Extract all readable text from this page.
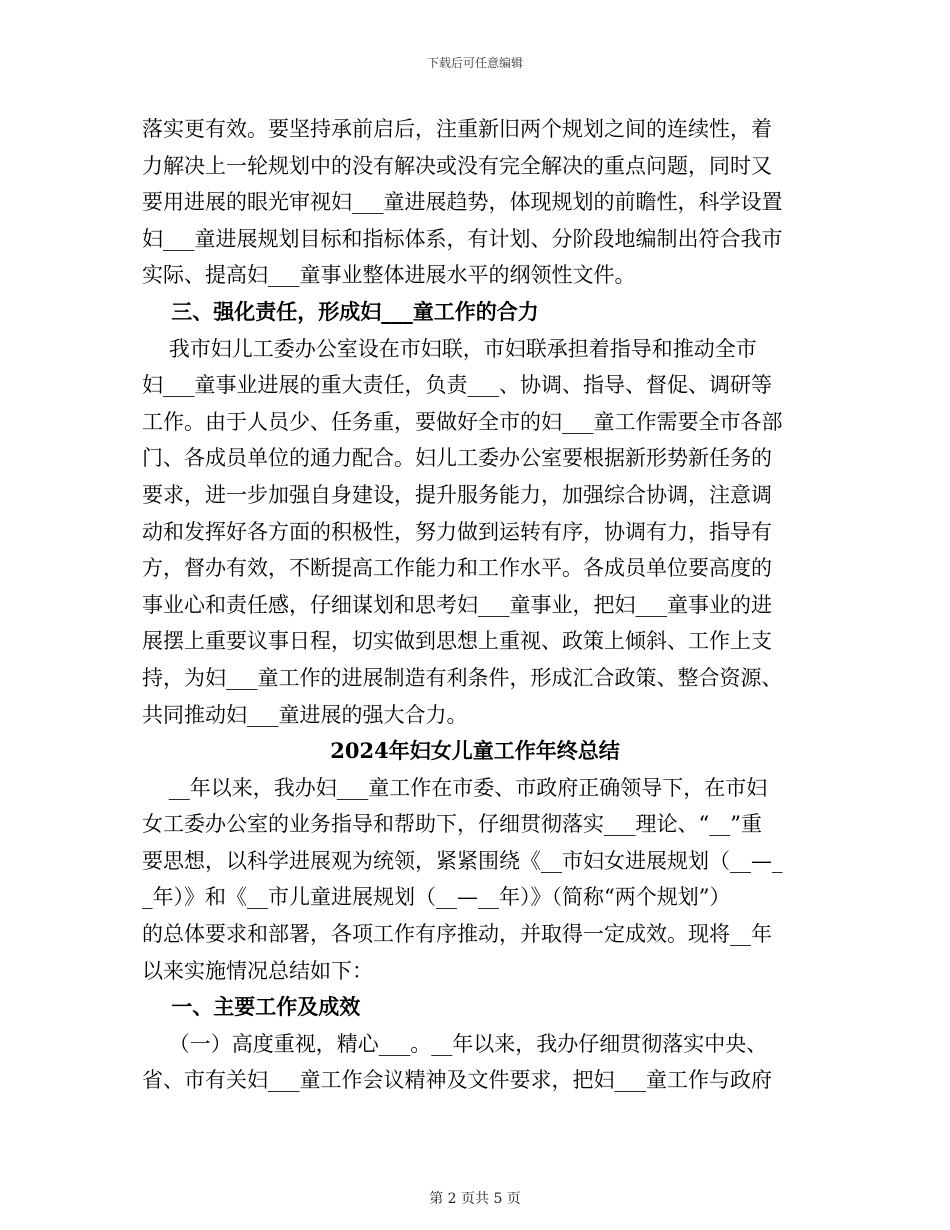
下载后可任意编辑
落实更有效。要坚持承前启后，注重新旧两个规划之间的连续性，着
力解决上一轮规划中的没有解决或没有完全解决的重点问题，同时又
要用进展的眼光审视妇___童进展趋势，体现规划的前瞻性，科学设置
妇___童进展规划目标和指标体系，有计划、分阶段地编制出符合我市
实际、提高妇___童事业整体进展水平的纲领性文件。
三、强化责任，形成妇___童工作的合力
我市妇儿工委办公室设在市妇联，市妇联承担着指导和推动全市
妇___童事业进展的重大责任，负责___、协调、指导、督促、调研等
工作。由于人员少、任务重，要做好全市的妇___童工作需要全市各部
门、各成员单位的通力配合。妇儿工委办公室要根据新形势新任务的
要求，进一步加强自身建设，提升服务能力，加强综合协调，注意调
动和发挥好各方面的积极性，努力做到运转有序，协调有力，指导有
方，督办有效，不断提高工作能力和工作水平。各成员单位要高度的
事业心和责任感，仔细谋划和思考妇___童事业，把妇___童事业的进
展摆上重要议事日程，切实做到思想上重视、政策上倾斜、工作上支
持，为妇___童工作的进展制造有利条件，形成汇合政策、整合资源、
共同推动妇___童进展的强大合力。
2024年妇女儿童工作年终总结
__年以来，我办妇___童工作在市委、市政府正确领导下，在市妇
女工委办公室的业务指导和帮助下，仔细贯彻落实___理论、“__”重
要思想，以科学进展观为统领，紧紧围绕《__市妇女进展规划（__—_
_年）》和《__市儿童进展规划（__—__年）》（简称“两个规划”）
的总体要求和部署，各项工作有序推动，并取得一定成效。现将__年
以来实施情况总结如下：
一、主要工作及成效
（一）高度重视，精心___。__年以来，我办仔细贯彻落实中央、
省、市有关妇___童工作会议精神及文件要求，把妇___童工作与政府
第 2 页共 5 页
